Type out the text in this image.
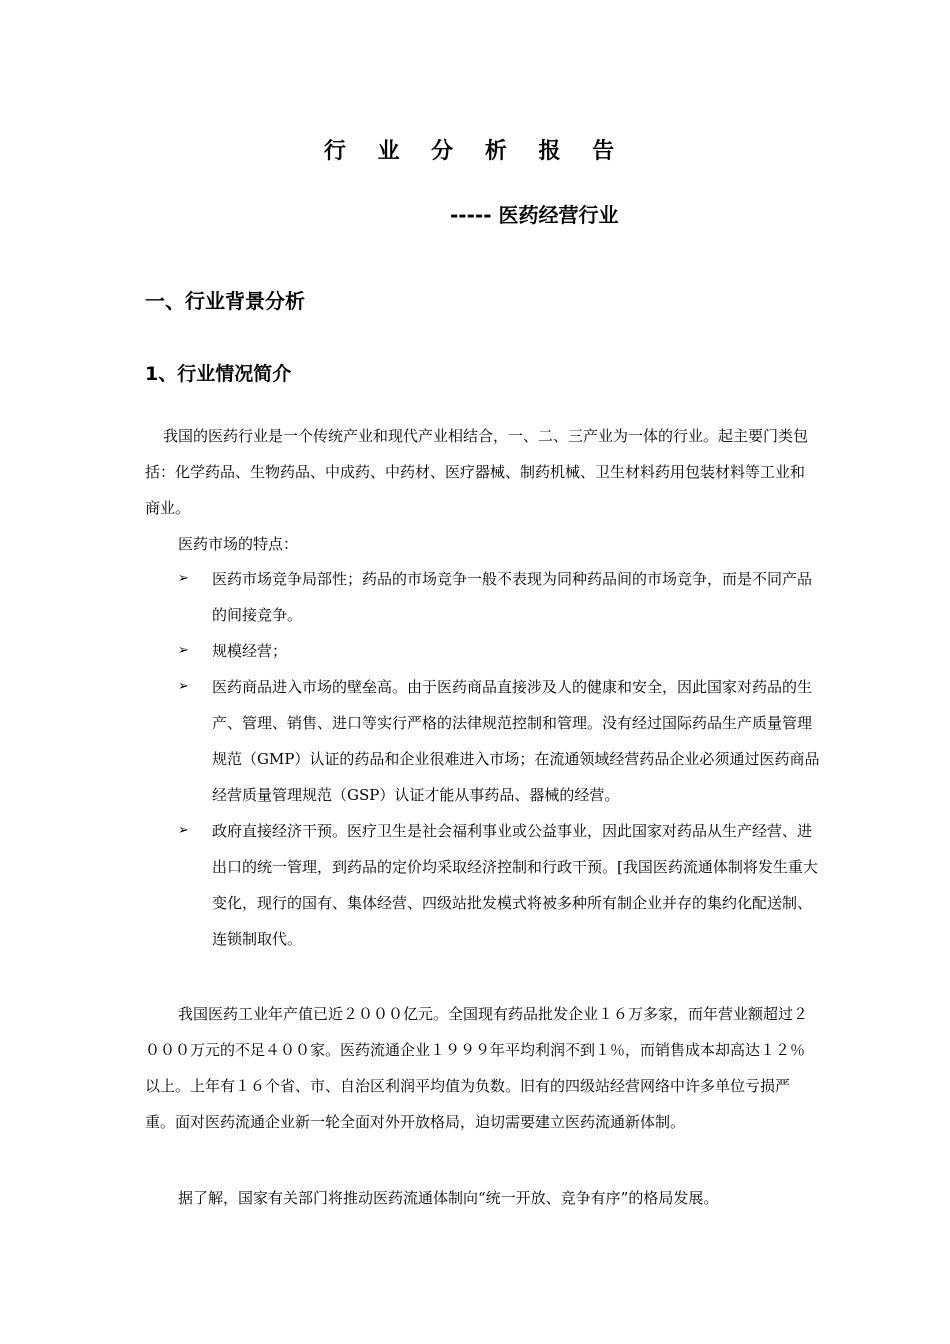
行 业 分 析 报 告
----- 医药经营行业
一、行业背景分析
1、行业情况简介
我国的医药行业是一个传统产业和现代产业相结合，一、二、三产业为一体的行业。起主要门类包括：化学药品、生物药品、中成药、中药材、医疗器械、制药机械、卫生材料药用包装材料等工业和商业。
医药市场的特点：
➢ 医药市场竞争局部性；药品的市场竞争一般不表现为同种药品间的市场竞争，而是不同产品的间接竞争。
➢ 规模经营；
➢ 医药商品进入市场的壁垒高。由于医药商品直接涉及人的健康和安全，因此国家对药品的生产、管理、销售、进口等实行严格的法律规范控制和管理。没有经过国际药品生产质量管理规范（GMP）认证的药品和企业很难进入市场；在流通领域经营药品企业必须通过医药商品经营质量管理规范（GSP）认证才能从事药品、器械的经营。
➢ 政府直接经济干预。医疗卫生是社会福利事业或公益事业，因此国家对药品从生产经营、进出口的统一管理，到药品的定价均采取经济控制和行政干预。[我国医药流通体制将发生重大变化，现行的国有、集体经营、四级站批发模式将被多种所有制企业并存的集约化配送制、连锁制取代。
我国医药工业年产值已近２０００亿元。全国现有药品批发企业１６万多家，而年营业额超过２０００万元的不足４００家。医药流通企业１９９９年平均利润不到１％，而销售成本却高达１２％以上。上年有１６个省、市、自治区利润平均值为负数。旧有的四级站经营网络中许多单位亏损严重。面对医药流通企业新一轮全面对外开放格局，迫切需要建立医药流通新体制。
据了解，国家有关部门将推动医药流通体制向“统一开放、竞争有序”的格局发展。
